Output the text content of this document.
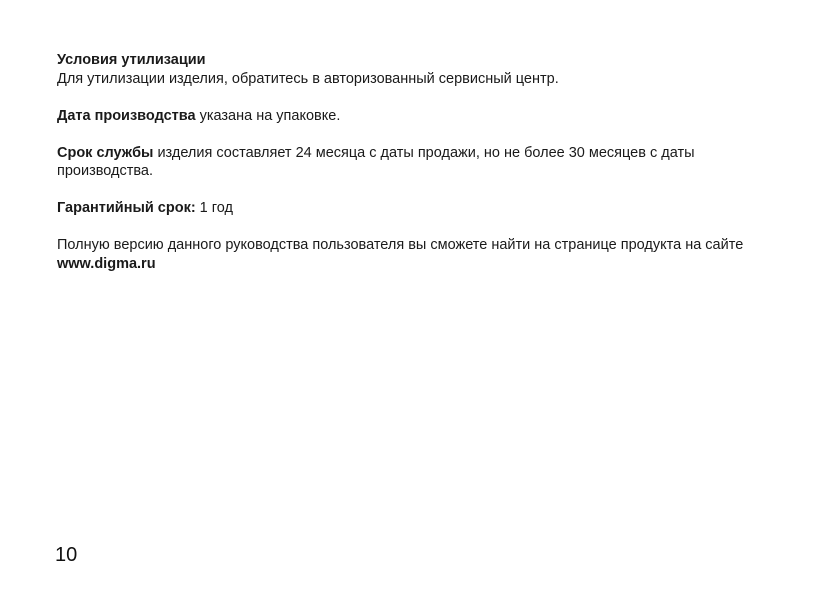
Условия утилизации
Для утилизации изделия, обратитесь в авторизованный сервисный центр.
Дата производства указана на упаковке.
Срок службы изделия составляет 24 месяца с даты продажи, но не более 30 месяцев с даты производства.
Гарантийный срок: 1 год
Полную версию данного руководства пользователя вы сможете найти на странице продукта на сайте www.digma.ru
10
